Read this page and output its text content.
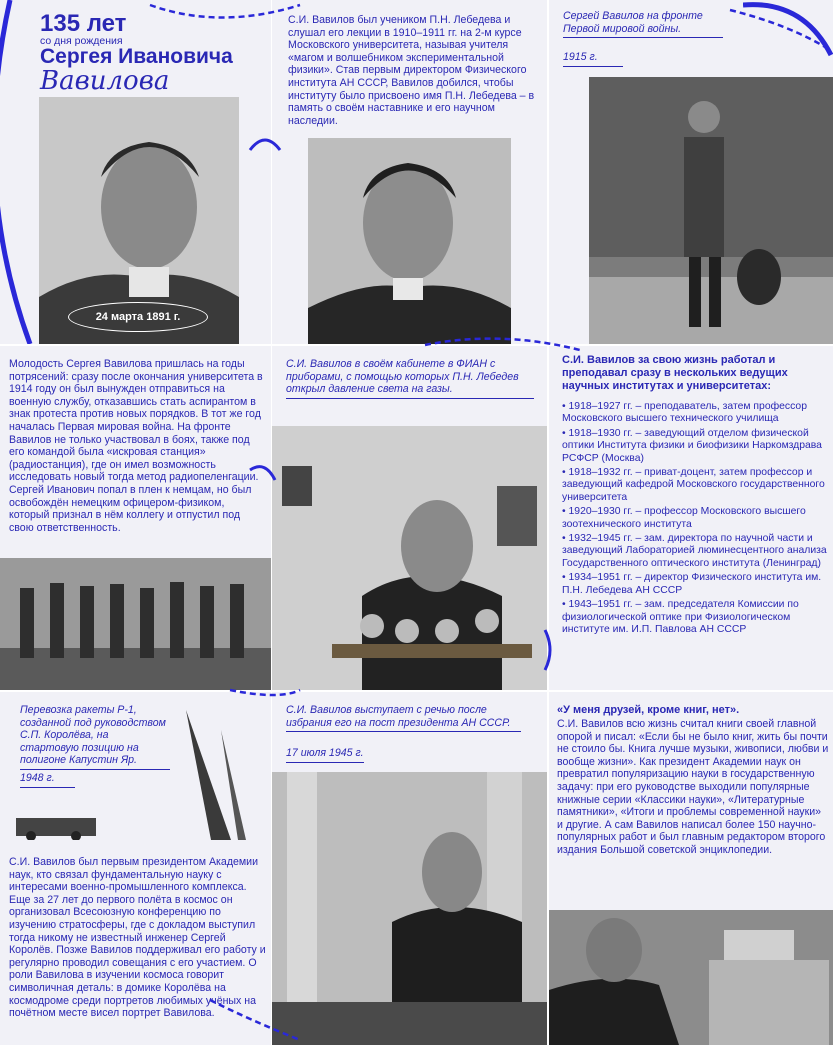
135 лет
со дня рождения
Сергея Ивановича
Вавилова
24 марта 1891 г.
С.И. Вавилов был учеником П.Н. Лебедева и слушал его лекции в 1910–1911 гг. на 2-м курсе Московского университета, называя учителя «магом и волшебником экспериментальной физики». Став первым директором Физического института АН СССР, Вавилов добился, чтобы институту было присвоено имя П.Н. Лебедева – в память о своём наставнике и его научном наследии.
Сергей Вавилов на фронте Первой мировой войны.
1915 г.
Молодость Сергея Вавилова пришлась на годы потрясений: сразу после окончания университета в 1914 году он был вынужден отправиться на военную службу, отказавшись стать аспирантом в знак протеста против новых порядков. В тот же год началась Первая мировая война. На фронте Вавилов не только участвовал в боях, также под его командой была «искровая станция» (радиостанция), где он имел возможность исследовать новый тогда метод радиопеленгации. Сергей Иванович попал в плен к немцам, но был освобождён немецким офицером-физиком, который признал в нём коллегу и отпустил под свою ответственность.
С.И. Вавилов в своём кабинете в ФИАН с приборами, с помощью которых П.Н. Лебедев открыл давление света на газы.
С.И. Вавилов за свою жизнь работал и преподавал сразу в нескольких ведущих научных институтах и университетах:
• 1918–1927 гг. – преподаватель, затем профессор Московского высшего технического училища
• 1918–1930 гг. – заведующий отделом физической оптики Института физики и биофизики Наркомздрава РСФСР (Москва)
• 1918–1932 гг. – приват-доцент, затем профессор и заведующий кафедрой Московского государственного университета
• 1920–1930 гг. – профессор Московского высшего зоотехнического института
• 1932–1945 гг. – зам. директора по научной части и заведующий Лабораторией люминесцентного анализа Государственного оптического института (Ленинград)
• 1934–1951 гг. – директор Физического института им. П.Н. Лебедева АН СССР
• 1943–1951 гг. – зам. председателя Комиссии по физиологической оптике при Физиологическом институте им. И.П. Павлова АН СССР
Перевозка ракеты Р-1, созданной под руководством С.П. Королёва, на стартовую позицию на полигоне Капустин Яр.
1948 г.
С.И. Вавилов был первым президентом Академии наук, кто связал фундаментальную науку с интересами военно-промышленного комплекса. Еще за 27 лет до первого полёта в космос он организовал Всесоюзную конференцию по изучению стратосферы, где с докладом выступил тогда никому не известный инженер Сергей Королёв. Позже Вавилов поддерживал его работу и регулярно проводил совещания с его участием. О роли Вавилова в изучении космоса говорит символичная деталь: в домике Королёва на космодроме среди портретов любимых учёных на почётном месте висел портрет Вавилова.
С.И. Вавилов выступает с речью после избрания его на пост президента АН СССР.
17 июля 1945 г.
«У меня друзей, кроме книг, нет».
С.И. Вавилов всю жизнь считал книги своей главной опорой и писал: «Если бы не было книг, жить бы почти не стоило бы. Книга лучше музыки, живописи, любви и вообще жизни». Как президент Академии наук он превратил популяризацию науки в государственную задачу: при его руководстве выходили популярные книжные серии «Классики науки», «Литературные памятники», «Итоги и проблемы современной науки» и другие. А сам Вавилов написал более 150 научно-популярных работ и был главным редактором второго издания Большой советской энциклопедии.
